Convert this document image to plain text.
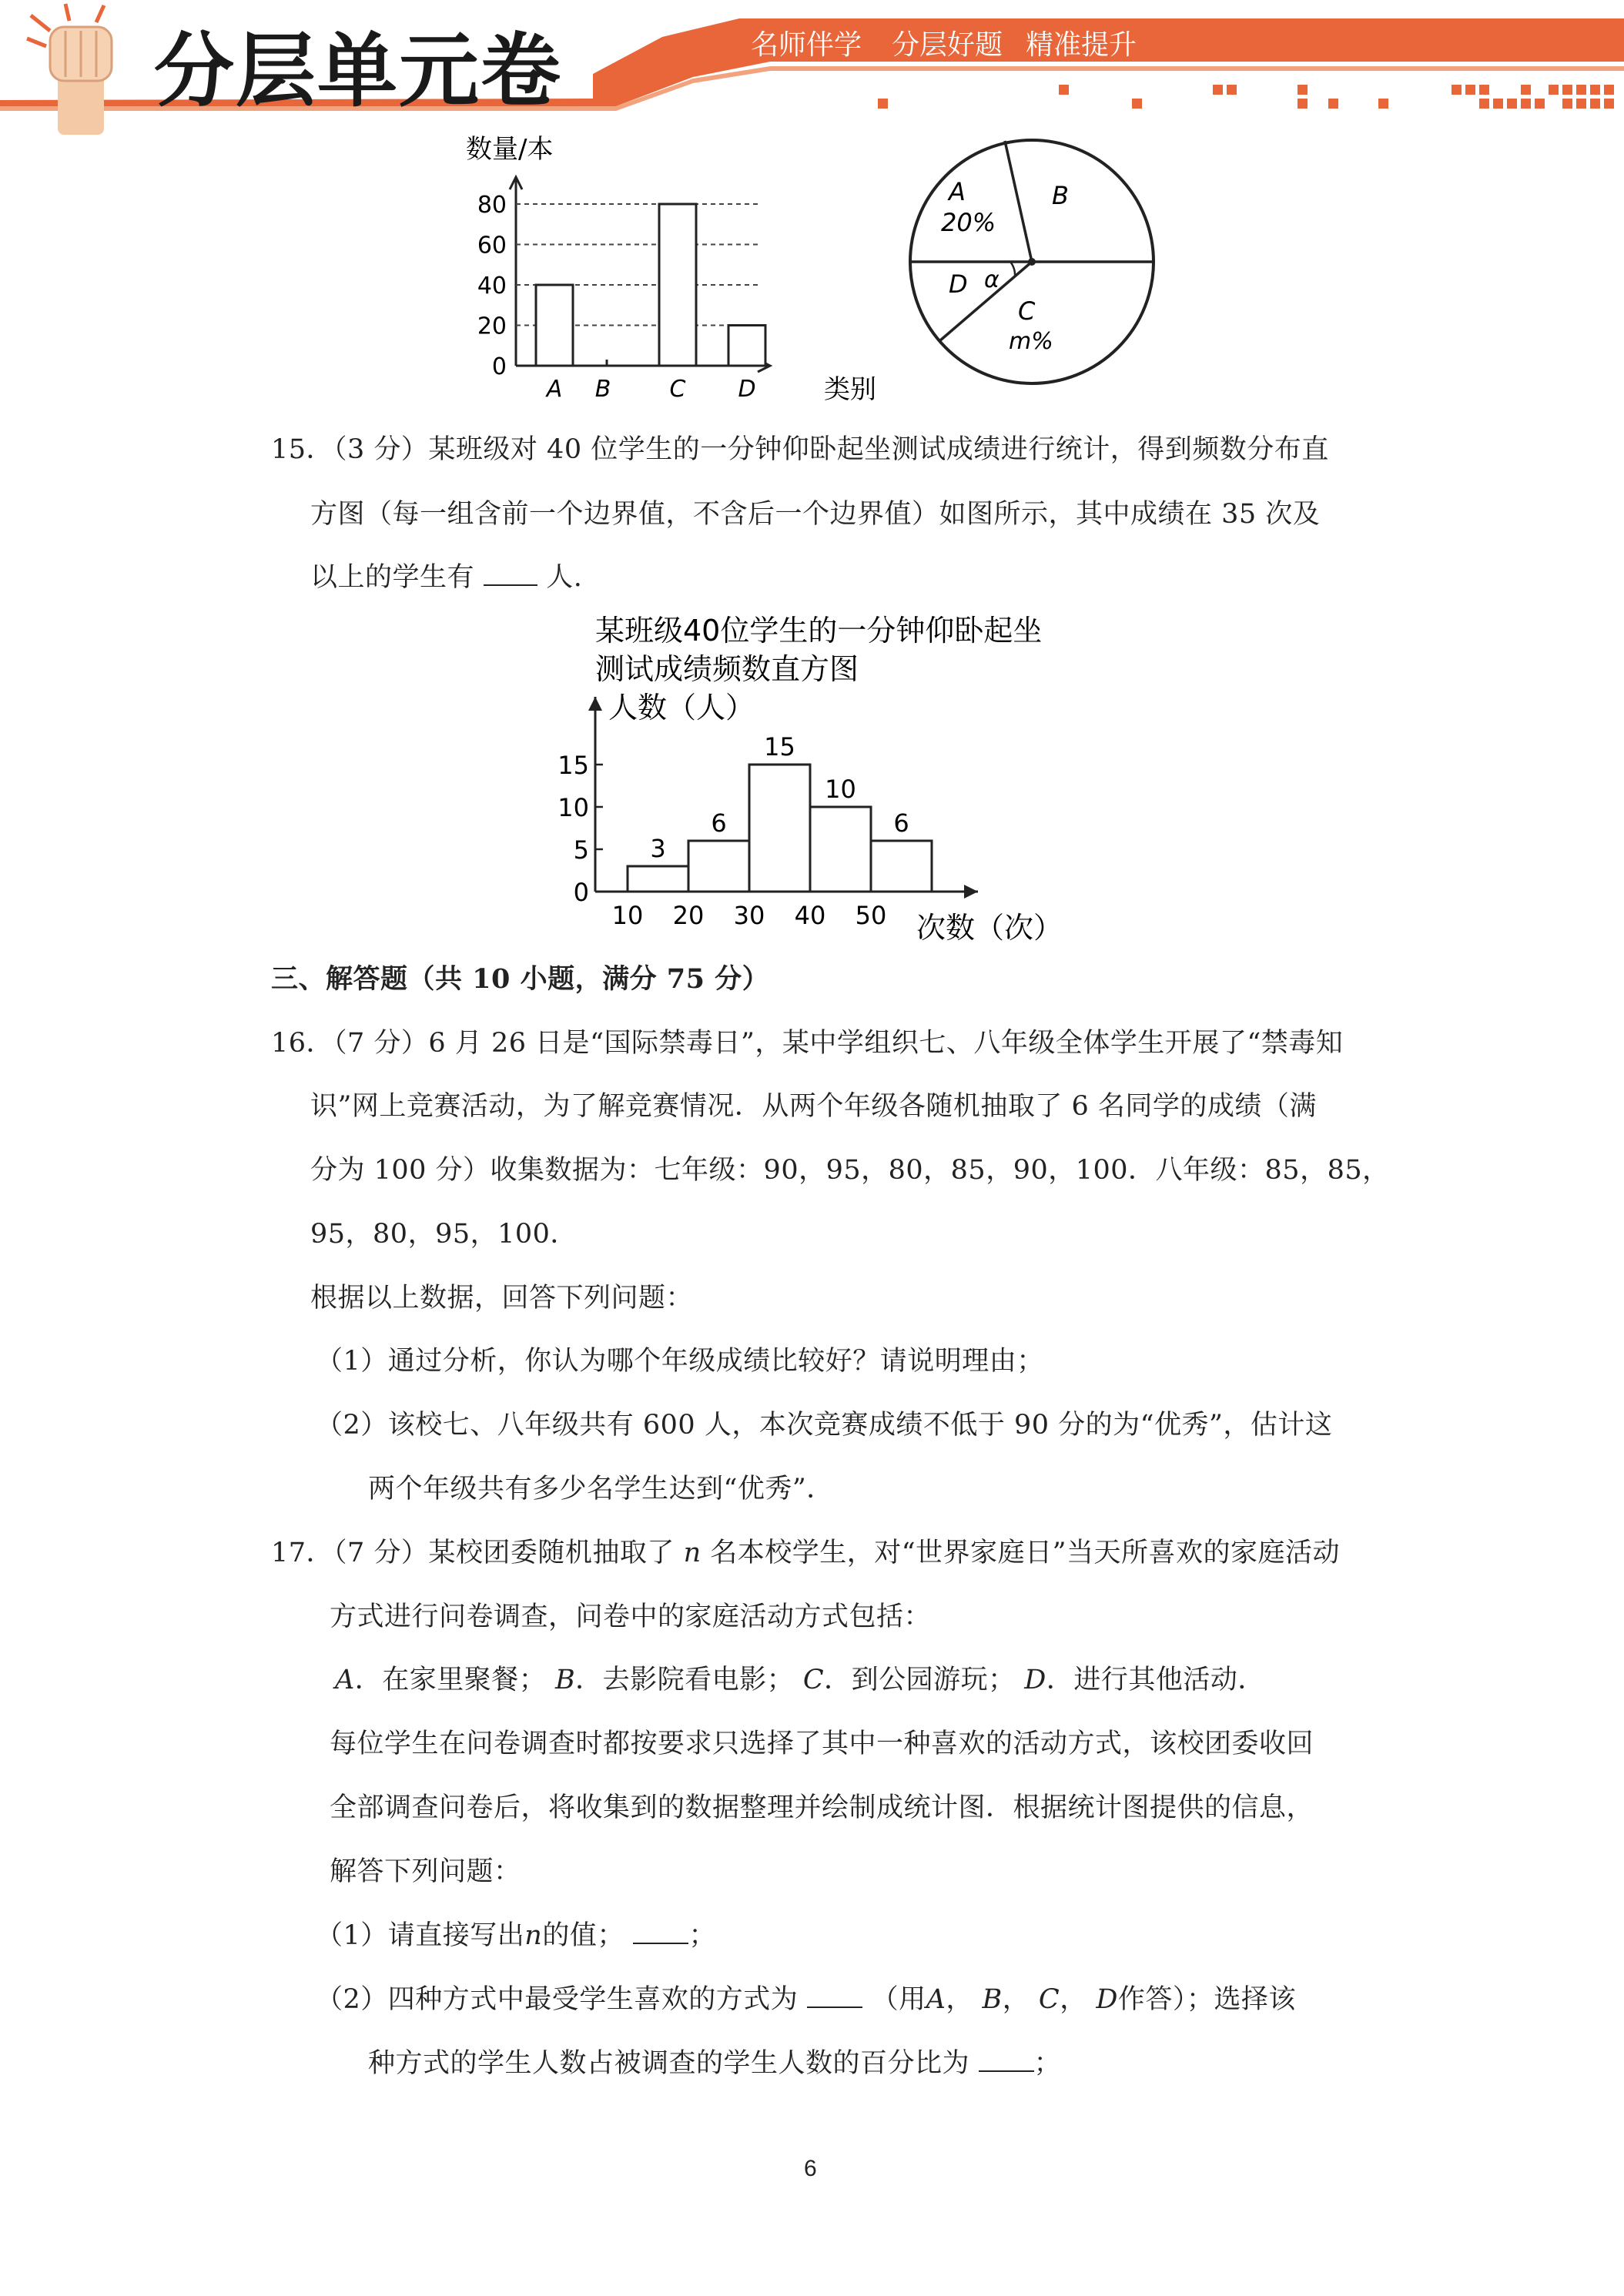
分层单元卷	名师伴学 分层好题 精准提升
数量/本
类别
0
20
40
60
80
A B	C D
A
20%
B
D α
C
m%
15．（3 分）某班级对 40 位学生的一分钟仰卧起坐测试成绩进行统计，得到频数分布直
方图（每一组含前一个边界值，不含后一个边界值）如图所示，其中成绩在 35 次及
以上的学生有	人.
某班级40位学生的一分钟仰卧起坐
测试成绩频数直方图
人数（人）
次数（次）
0
5
10
15
3
10
6
20
15
30
10
40
6
50
三、解答题（共 10 小题，满分 75 分）
16．（7 分）6 月 26 日是“国际禁毒日”，某中学组织七、八年级全体学生开展了“禁毒知
识”网上竞赛活动，为了解竞赛情况．从两个年级各随机抽取了 6 名同学的成绩（满
分为 100 分）收集数据为：七年级：90，95，80，85，90，100．八年级：85，85，
95，80，95，100．
根据以上数据，回答下列问题：
（1）通过分析，你认为哪个年级成绩比较好？请说明理由；
（2）该校七、八年级共有 600 人，本次竞赛成绩不低于 90 分的为“优秀”，估计这
两个年级共有多少名学生达到“优秀”．
17．（7 分）某校团委随机抽取了 n 名本校学生，对“世界家庭日”当天所喜欢的家庭活动
方式进行问卷调查，问卷中的家庭活动方式包括：
A．在家里聚餐； B．去影院看电影； C．到公园游玩； D．进行其他活动．
每位学生在问卷调查时都按要求只选择了其中一种喜欢的活动方式，该校团委收回
全部调查问卷后，将收集到的数据整理并绘制成统计图．根据统计图提供的信息，
解答下列问题：
（1）请直接写出n的值； ；
（2）四种方式中最受学生喜欢的方式为	（用A， B， C， D作答）；选择该
种方式的学生人数占被调查的学生人数的百分比为 ；
6
